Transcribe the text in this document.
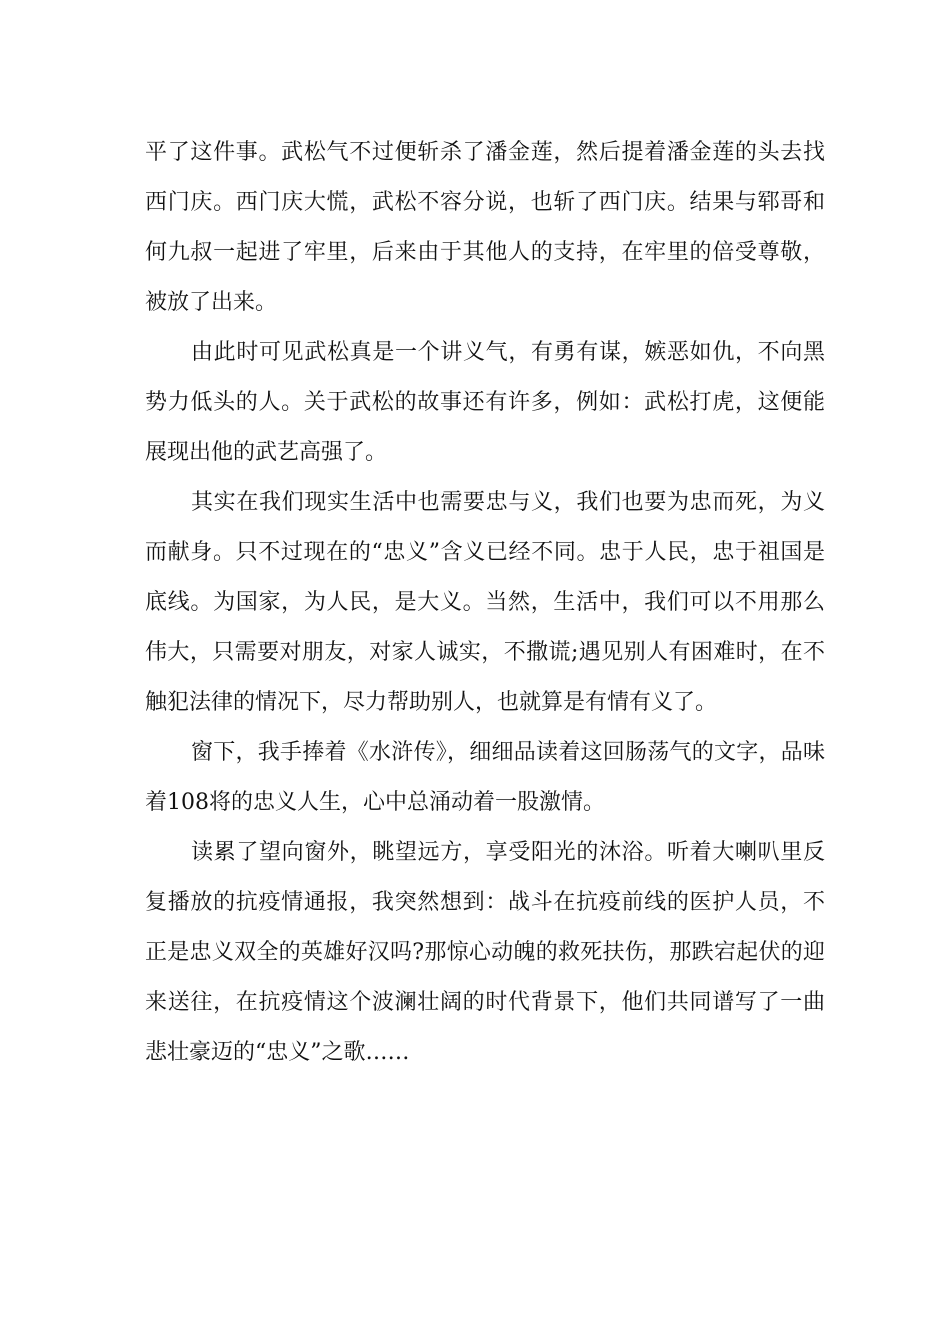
平了这件事。武松气不过便斩杀了潘金莲，然后提着潘金莲的头去找西门庆。西门庆大慌，武松不容分说，也斩了西门庆。结果与郓哥和何九叔一起进了牢里，后来由于其他人的支持，在牢里的倍受尊敬，被放了出来。

由此时可见武松真是一个讲义气，有勇有谋，嫉恶如仇，不向黑势力低头的人。关于武松的故事还有许多，例如：武松打虎，这便能展现出他的武艺高强了。

其实在我们现实生活中也需要忠与义，我们也要为忠而死，为义而献身。只不过现在的“忠义”含义已经不同。忠于人民，忠于祖国是底线。为国家，为人民，是大义。当然，生活中，我们可以不用那么伟大，只需要对朋友，对家人诚实，不撒谎;遇见别人有困难时，在不触犯法律的情况下，尽力帮助别人，也就算是有情有义了。

窗下，我手捧着《水浒传》，细细品读着这回肠荡气的文字，品味着108将的忠义人生，心中总涌动着一股激情。

读累了望向窗外，眺望远方，享受阳光的沐浴。听着大喇叭里反复播放的抗疫情通报，我突然想到：战斗在抗疫前线的医护人员，不正是忠义双全的英雄好汉吗?那惊心动魄的救死扶伤，那跌宕起伏的迎来送往，在抗疫情这个波澜壮阔的时代背景下，他们共同谱写了一曲悲壮豪迈的“忠义”之歌……
